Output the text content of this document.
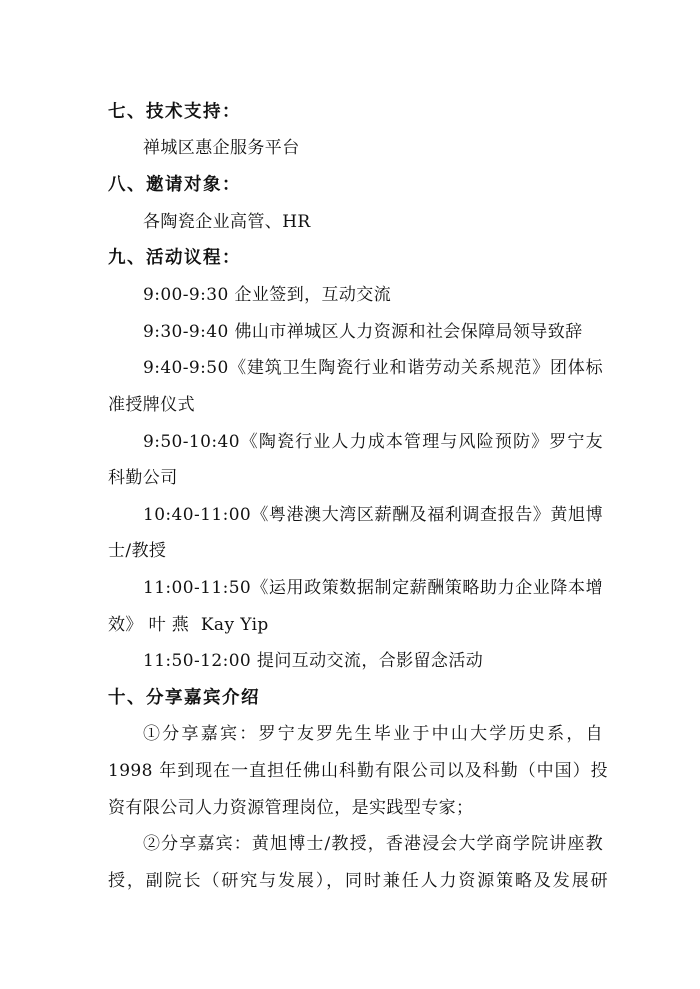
七、技术支持：
禅城区惠企服务平台
八、邀请对象：
各陶瓷企业高管、HR
九、活动议程：
9:00-9:30 企业签到，互动交流
9:30-9:40 佛山市禅城区人力资源和社会保障局领导致辞
9:40-9:50《建筑卫生陶瓷行业和谐劳动关系规范》团体标
准授牌仪式
9:50-10:40《陶瓷行业人力成本管理与风险预防》罗宁友
科勤公司
10:40-11:00《粤港澳大湾区薪酬及福利调查报告》黄旭博
士/教授
11:00-11:50《运用政策数据制定薪酬策略助力企业降本增
效》 叶 燕  Kay Yip
11:50-12:00 提问互动交流，合影留念活动
十、分享嘉宾介绍
①分享嘉宾：罗宁友罗先生毕业于中山大学历史系，自
1998 年到现在一直担任佛山科勤有限公司以及科勤（中国）投
资有限公司人力资源管理岗位，是实践型专家；
②分享嘉宾：黄旭博士/教授，香港浸会大学商学院讲座教
授，副院长（研究与发展），同时兼任人力资源策略及发展研
